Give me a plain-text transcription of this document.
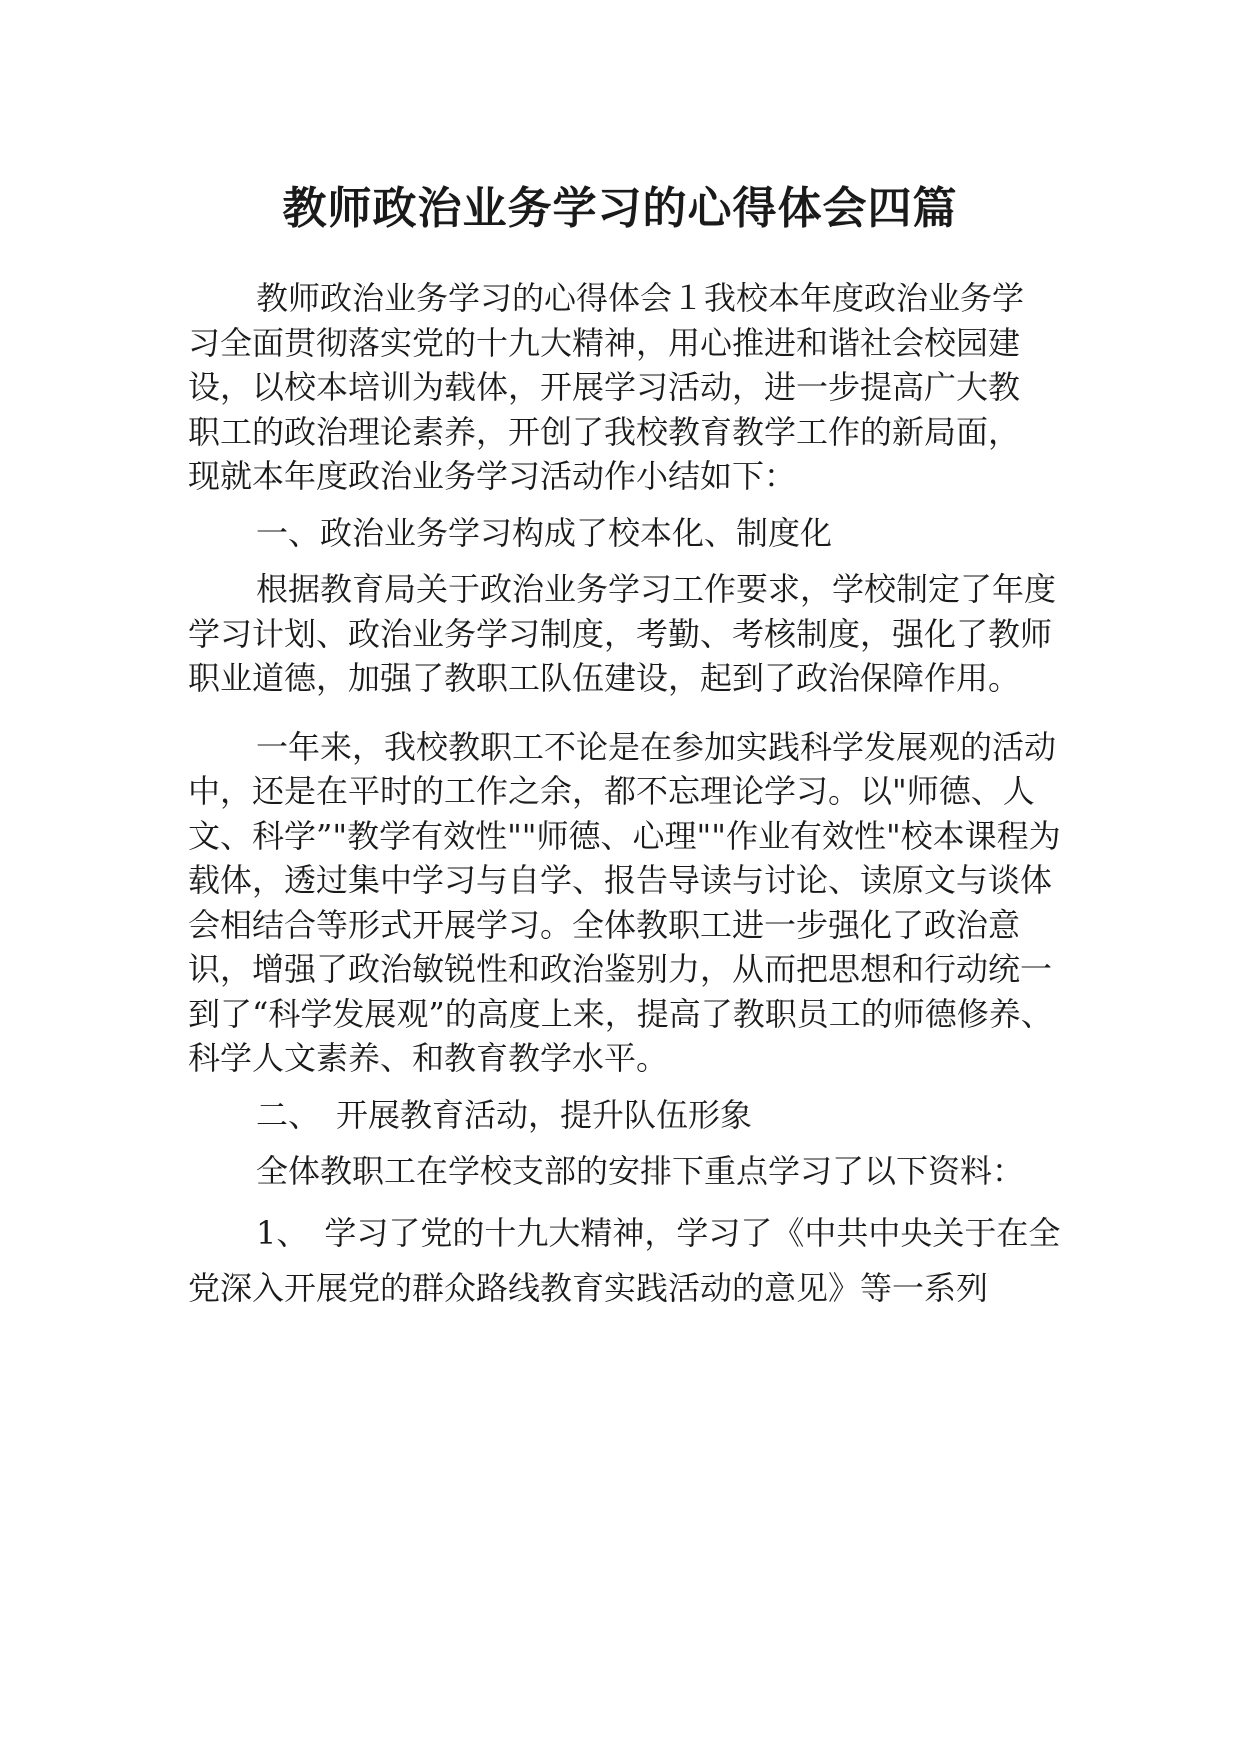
教师政治业务学习的心得体会四篇

教师政治业务学习的心得体会１我校本年度政治业务学　习全面贯彻落实党的十九大精神，用心推进和谐社会校园建　设，以校本培训为载体，开展学习活动，进一步提高广大教　职工的政治理论素养，开创了我校教育教学工作的新局面，

现就本年度政治业务学习活动作小结如下：

一、政治业务学习构成了校本化、制度化

根据教育局关于政治业务学习工作要求，学校制定了年度学习计划、政治业务学习制度，考勤、考核制度，强化了教师职业道德，加强了教职工队伍建设，起到了政治保障作用。

一年来，我校教职工不论是在参加实践科学发展观的活动中，还是在平时的工作之余，都不忘理论学习。以"师德、人文、科学”"教学有效性""师德、心理""作业有效性"校本课程为载体，透过集中学习与自学、报告导读与讨论、读原文与谈体会相结合等形式开展学习。全体教职工进一步强化了政治意识，增强了政治敏锐性和政治鉴别力，从而把思想和行动统一到了“科学发展观”的高度上来，提高了教职员工的师德修养、科学人文素养、和教育教学水平。

二、　开展教育活动，提升队伍形象

全体教职工在学校支部的安排下重点学习了以下资料：

1、　学习了党的十九大精神，学习了《中共中央关于在全党深入开展党的群众路线教育实践活动的意见》等一系列
